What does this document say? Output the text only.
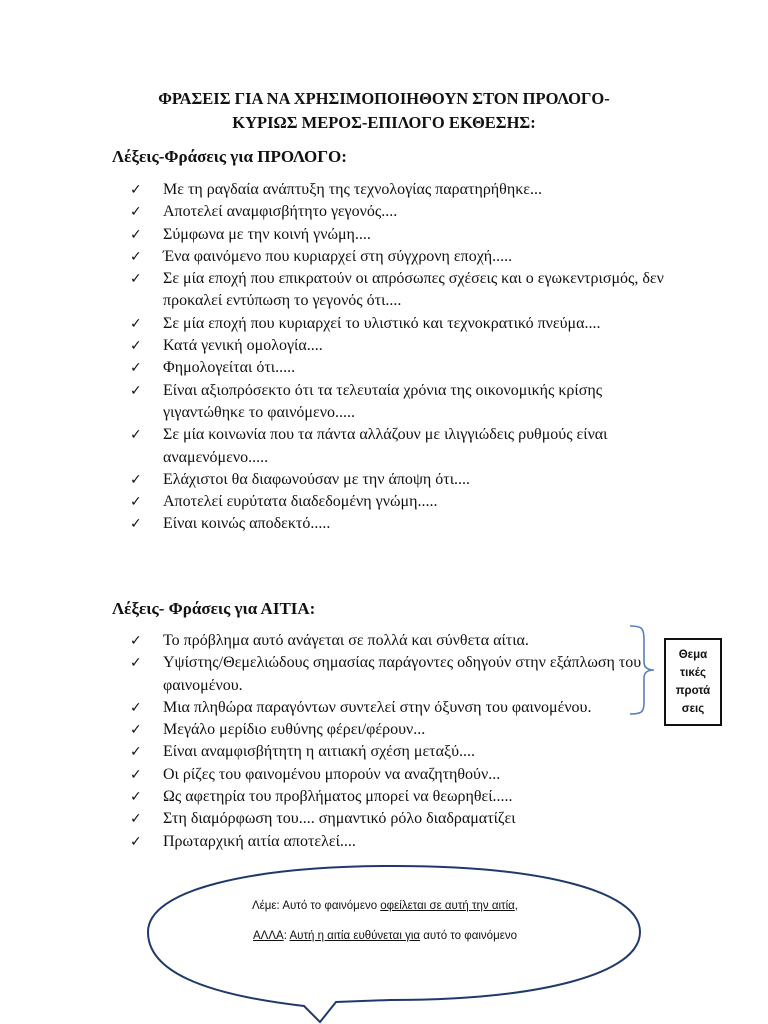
ΦΡΑΣΕΙΣ ΓΙΑ ΝΑ ΧΡΗΣΙΜΟΠΟΙΗΘΟΥΝ ΣΤΟΝ ΠΡΟΛΟΓΟ-
ΚΥΡΙΩΣ ΜΕΡΟΣ-ΕΠΙΛΟΓΟ ΕΚΘΕΣΗΣ:
Λέξεις-Φράσεις για ΠΡΟΛΟΓΟ:
✓ Με τη ραγδαία ανάπτυξη της τεχνολογίας παρατηρήθηκε...
✓ Αποτελεί αναμφισβήτητο γεγονός....
✓ Σύμφωνα με την κοινή γνώμη....
✓ Ένα φαινόμενο που κυριαρχεί στη σύγχρονη εποχή.....
✓ Σε μία εποχή που επικρατούν οι απρόσωπες σχέσεις και ο εγωκεντρισμός, δεν προκαλεί εντύπωση το γεγονός ότι....
✓ Σε μία εποχή που κυριαρχεί το υλιστικό και τεχνοκρατικό πνεύμα....
✓ Κατά γενική ομολογία....
✓ Φημολογείται ότι.....
✓ Είναι αξιοπρόσεκτο ότι τα τελευταία χρόνια της οικονομικής κρίσης γιγαντώθηκε το φαινόμενο.....
✓ Σε μία κοινωνία που τα πάντα αλλάζουν με ιλιγγιώδεις ρυθμούς είναι αναμενόμενο.....
✓ Ελάχιστοι θα διαφωνούσαν με την άποψη ότι....
✓ Αποτελεί ευρύτατα διαδεδομένη γνώμη.....
✓ Είναι κοινώς αποδεκτό.....
Λέξεις- Φράσεις για ΑΙΤΙΑ:
✓ Το πρόβλημα αυτό ανάγεται σε πολλά και σύνθετα αίτια.
✓ Υψίστης/Θεμελιώδους σημασίας παράγοντες οδηγούν στην εξάπλωση του φαινομένου.
✓ Μια πληθώρα παραγόντων συντελεί στην όξυνση του φαινομένου.
✓ Μεγάλο μερίδιο ευθύνης φέρει/φέρουν...
✓ Είναι αναμφισβήτητη η αιτιακή σχέση μεταξύ....
✓ Οι ρίζες του φαινομένου μπορούν να αναζητηθούν...
✓ Ως αφετηρία του προβλήματος μπορεί να θεωρηθεί.....
✓ Στη διαμόρφωση του.... σημαντικό ρόλο διαδραματίζει
✓ Πρωταρχική αιτία αποτελεί....
Θεμα
τικές
προτά
σεις
Λέμε: Αυτό το φαινόμενο οφείλεται σε αυτή την αιτία,
ΑΛΛΑ: Αυτή η αιτία ευθύνεται για αυτό το φαινόμενο
